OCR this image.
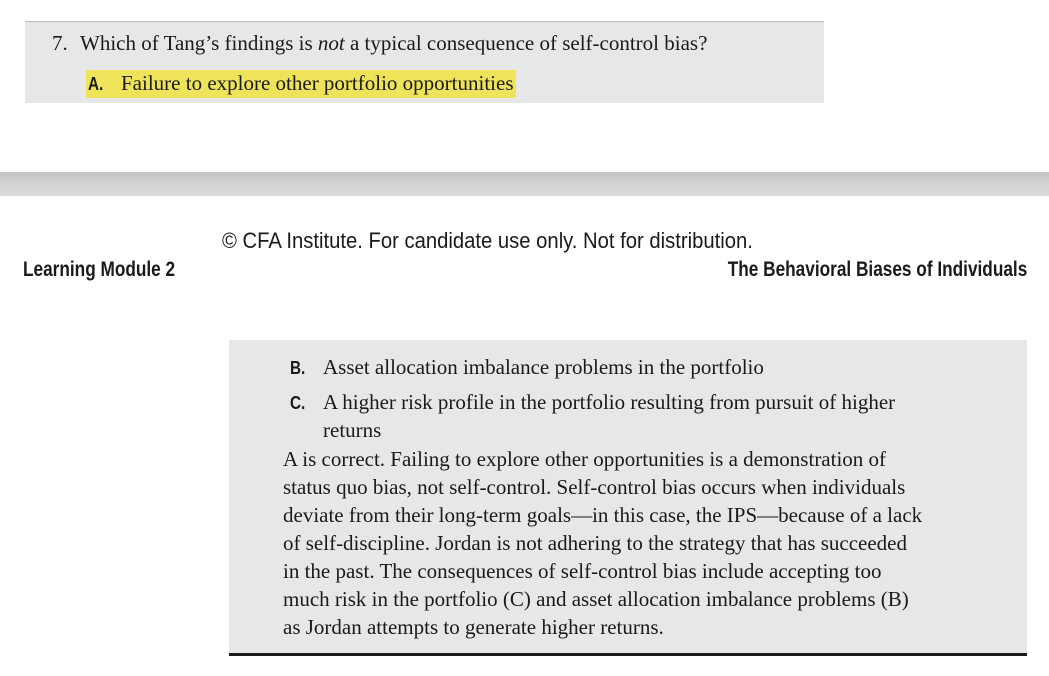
7. Which of Tang’s findings is not a typical consequence of self-control bias?
A. Failure to explore other portfolio opportunities
© CFA Institute. For candidate use only. Not for distribution.
Learning Module 2	The Behavioral Biases of Individuals
B. Asset allocation imbalance problems in the portfolio
C. A higher risk profile in the portfolio resulting from pursuit of higher
returns
A is correct. Failing to explore other opportunities is a demonstration of
status quo bias, not self-control. Self-control bias occurs when individuals
deviate from their long-term goals—in this case, the IPS—because of a lack
of self-discipline. Jordan is not adhering to the strategy that has succeeded
in the past. The consequences of self-control bias include accepting too
much risk in the portfolio (C) and asset allocation imbalance problems (B)
as Jordan attempts to generate higher returns.
